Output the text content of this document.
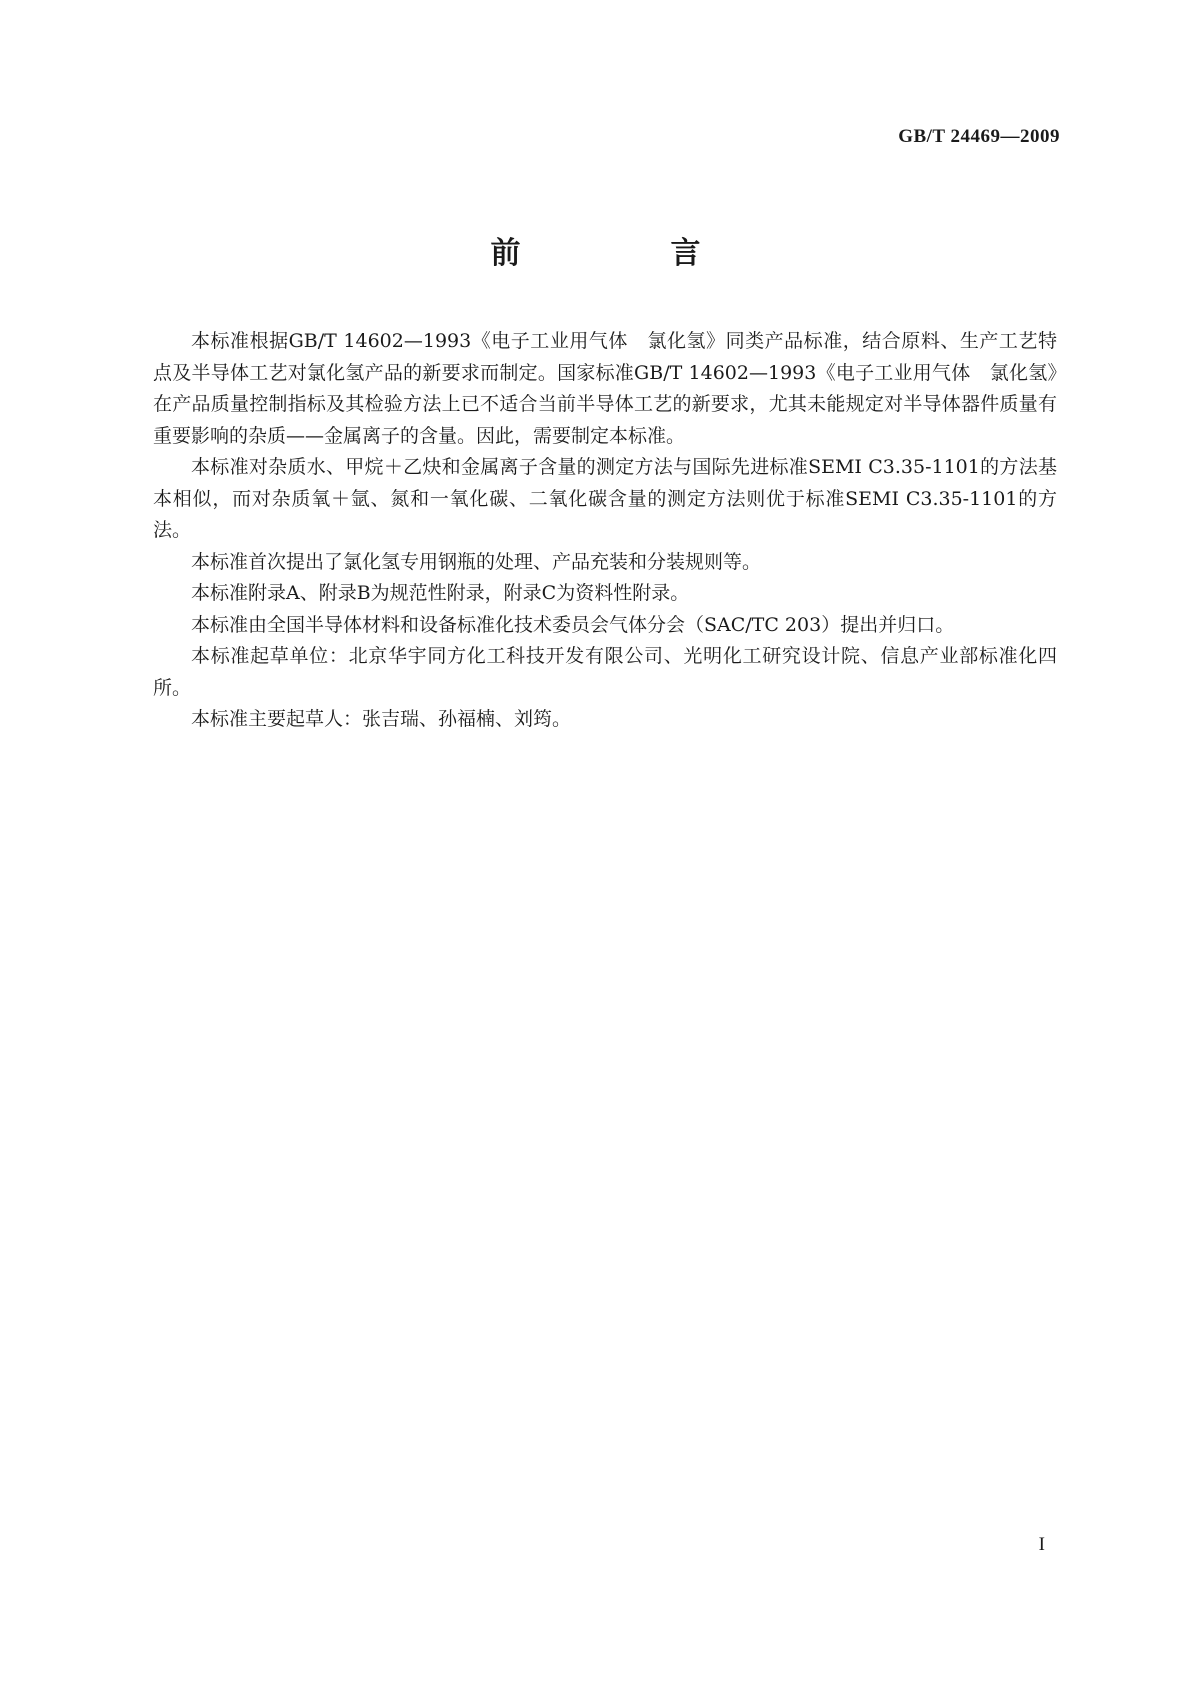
GB/T 24469—2009
前　言

本标准根据GB/T 14602—1993《电子工业用气体　氯化氢》同类产品标准，结合原料、生产工艺特点及半导体工艺对氯化氢产品的新要求而制定。国家标准GB/T 14602—1993《电子工业用气体　氯化氢》在产品质量控制指标及其检验方法上已不适合当前半导体工艺的新要求，尤其未能规定对半导体器件质量有重要影响的杂质——金属离子的含量。因此，需要制定本标准。

本标准对杂质水、甲烷＋乙炔和金属离子含量的测定方法与国际先进标准SEMI C3.35-1101的方法基本相似，而对杂质氧＋氩、氮和一氧化碳、二氧化碳含量的测定方法则优于标准SEMI C3.35-1101的方法。

本标准首次提出了氯化氢专用钢瓶的处理、产品充装和分装规则等。

本标准附录A、附录B为规范性附录，附录C为资料性附录。

本标准由全国半导体材料和设备标准化技术委员会气体分会（SAC/TC 203）提出并归口。

本标准起草单位：北京华宇同方化工科技开发有限公司、光明化工研究设计院、信息产业部标准化四所。

本标准主要起草人：张吉瑞、孙福楠、刘筠。

I
